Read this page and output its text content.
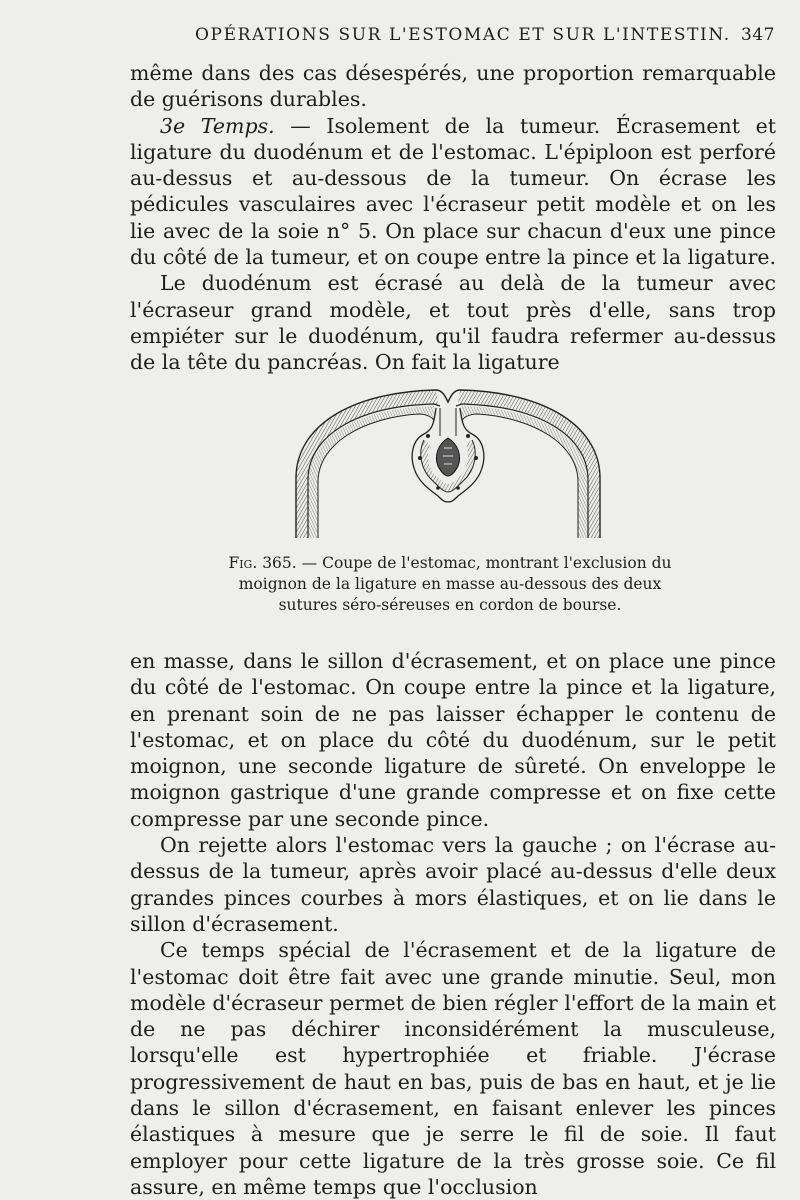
OPÉRATIONS SUR L'ESTOMAC ET SUR L'INTESTIN. 347

même dans des cas désespérés, une proportion remarquable de guérisons durables.

3e Temps. — Isolement de la tumeur. Écrasement et ligature du duodénum et de l'estomac. L'épiploon est perforé au-dessus et au-dessous de la tumeur. On écrase les pédicules vasculaires avec l'écraseur petit modèle et on les lie avec de la soie n° 5. On place sur chacun d'eux une pince du côté de la tumeur, et on coupe entre la pince et la ligature.

Le duodénum est écrasé au delà de la tumeur avec l'écraseur grand modèle, et tout près d'elle, sans trop empiéter sur le duodénum, qu'il faudra refermer au-dessus de la tête du pancréas. On fait la ligature

Fig. 365. — Coupe de l'estomac, montrant l'exclusion du moignon de la ligature en masse au-dessous des deux sutures séro-séreuses en cordon de bourse.

en masse, dans le sillon d'écrasement, et on place une pince du côté de l'estomac. On coupe entre la pince et la ligature, en prenant soin de ne pas laisser échapper le contenu de l'estomac, et on place du côté du duodénum, sur le petit moignon, une seconde ligature de sûreté. On enveloppe le moignon gastrique d'une grande compresse et on fixe cette compresse par une seconde pince.

On rejette alors l'estomac vers la gauche ; on l'écrase au-dessus de la tumeur, après avoir placé au-dessus d'elle deux grandes pinces courbes à mors élastiques, et on lie dans le sillon d'écrasement.

Ce temps spécial de l'écrasement et de la ligature de l'estomac doit être fait avec une grande minutie. Seul, mon modèle d'écraseur permet de bien régler l'effort de la main et de ne pas déchirer inconsidérément la musculeuse, lorsqu'elle est hypertrophiée et friable. J'écrase progressivement de haut en bas, puis de bas en haut, et je lie dans le sillon d'écrasement, en faisant enlever les pinces élastiques à mesure que je serre le fil de soie. Il faut employer pour cette ligature de la très grosse soie. Ce fil assure, en même temps que l'occlusion
